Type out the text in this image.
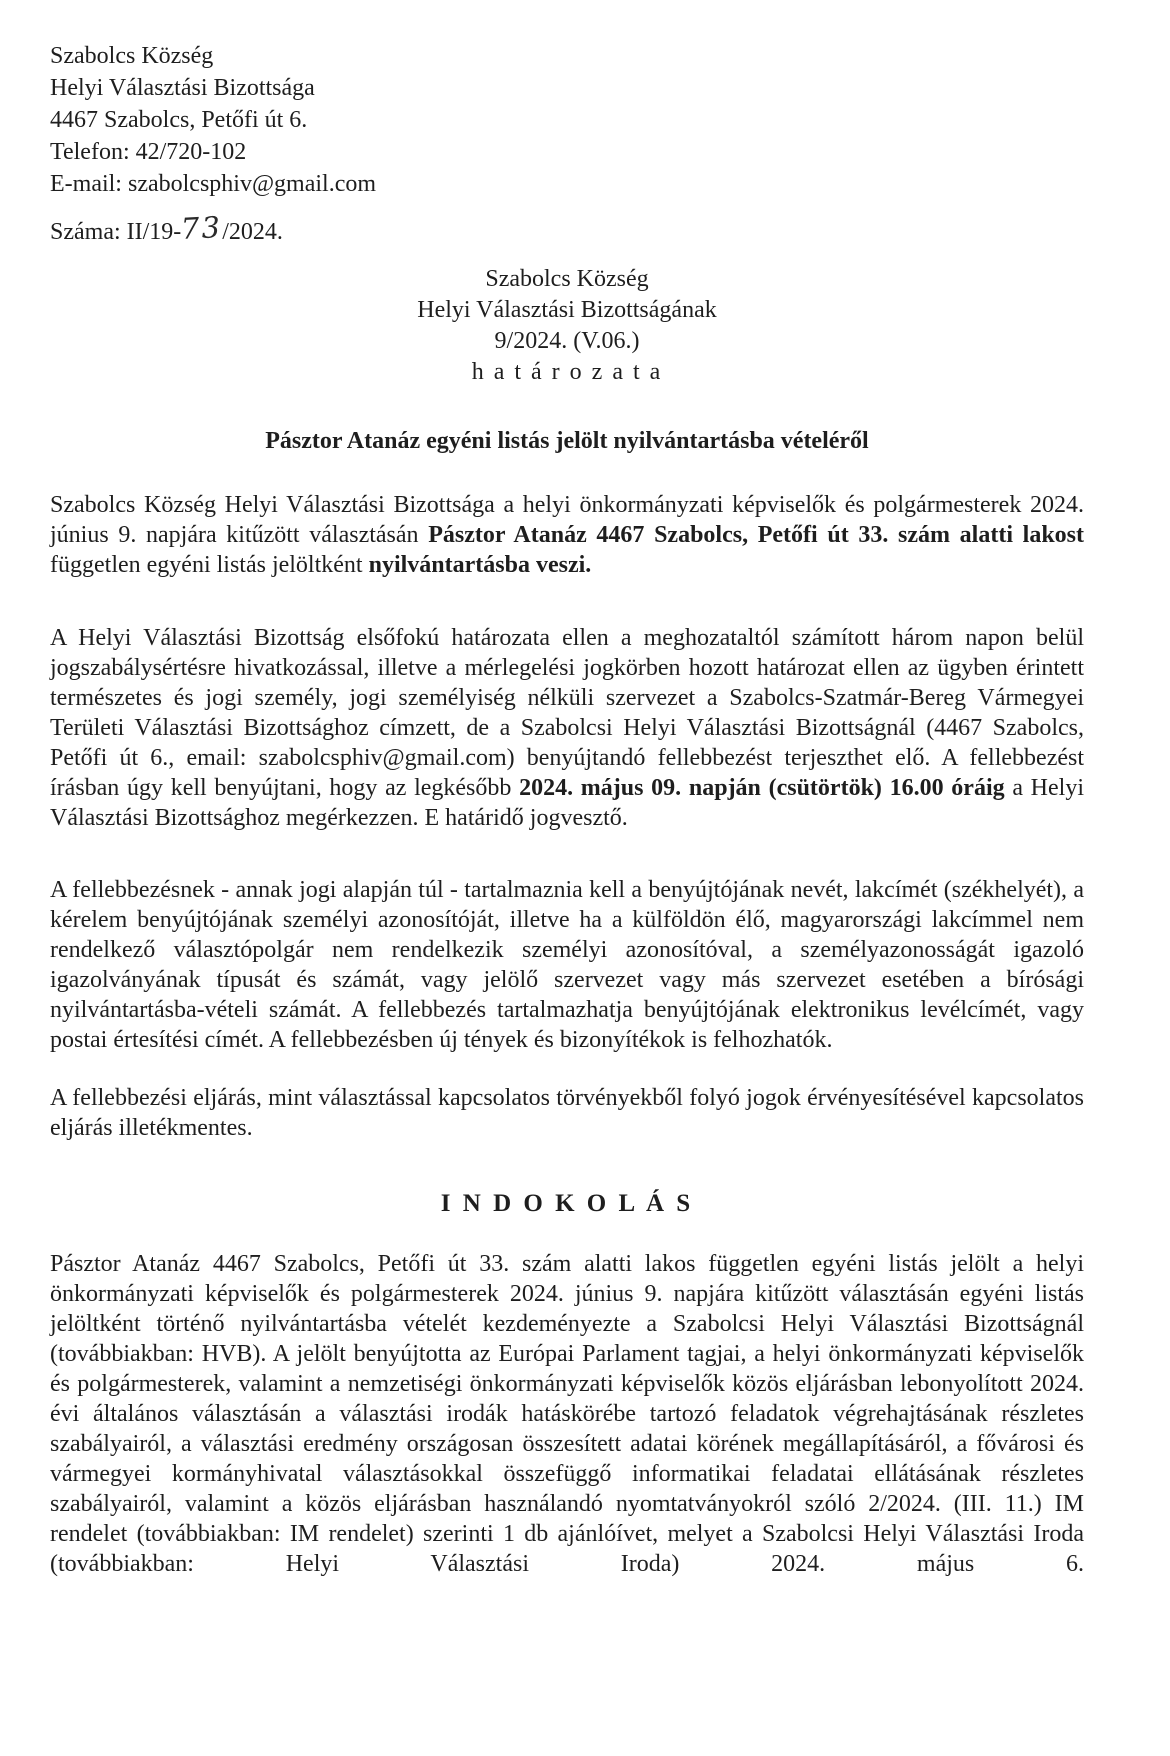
Szabolcs Község
Helyi Választási Bizottsága
4467 Szabolcs, Petőfi út 6.
Telefon: 42/720-102
E-mail: szabolcsphiv@gmail.com
Száma: II/19-73/2024.
Szabolcs Község
Helyi Választási Bizottságának
9/2024. (V.06.)
h a t á r o z a t a
Pásztor Atanáz egyéni listás jelölt nyilvántartásba vételéről

Szabolcs Község Helyi Választási Bizottsága a helyi önkormányzati képviselők és polgármesterek 2024. június 9. napjára kitűzött választásán Pásztor Atanáz 4467 Szabolcs, Petőfi út 33. szám alatti lakost független egyéni listás jelöltként nyilvántartásba veszi.

A Helyi Választási Bizottság elsőfokú határozata ellen a meghozataltól számított három napon belül jogszabálysértésre hivatkozással, illetve a mérlegelési jogkörben hozott határozat ellen az ügyben érintett természetes és jogi személy, jogi személyiség nélküli szervezet a Szabolcs-Szatmár-Bereg Vármegyei Területi Választási Bizottsághoz címzett, de a Szabolcsi Helyi Választási Bizottságnál (4467 Szabolcs, Petőfi út 6., email: szabolcsphiv@gmail.com) benyújtandó fellebbezést terjeszthet elő. A fellebbezést írásban úgy kell benyújtani, hogy az legkésőbb 2024. május 09. napján (csütörtök) 16.00 óráig a Helyi Választási Bizottsághoz megérkezzen. E határidő jogvesztő.

A fellebbezésnek - annak jogi alapján túl - tartalmaznia kell a benyújtójának nevét, lakcímét (székhelyét), a kérelem benyújtójának személyi azonosítóját, illetve ha a külföldön élő, magyarországi lakcímmel nem rendelkező választópolgár nem rendelkezik személyi azonosítóval, a személyazonosságát igazoló igazolványának típusát és számát, vagy jelölő szervezet vagy más szervezet esetében a bírósági nyilvántartásba-vételi számát. A fellebbezés tartalmazhatja benyújtójának elektronikus levélcímét, vagy postai értesítési címét. A fellebbezésben új tények és bizonyítékok is felhozhatók.

A fellebbezési eljárás, mint választással kapcsolatos törvényekből folyó jogok érvényesítésével kapcsolatos eljárás illetékmentes.

I N D O K O L Á S

Pásztor Atanáz 4467 Szabolcs, Petőfi út 33. szám alatti lakos független egyéni listás jelölt a helyi önkormányzati képviselők és polgármesterek 2024. június 9. napjára kitűzött választásán egyéni listás jelöltként történő nyilvántartásba vételét kezdeményezte a Szabolcsi Helyi Választási Bizottságnál (továbbiakban: HVB). A jelölt benyújtotta az Európai Parlament tagjai, a helyi önkormányzati képviselők és polgármesterek, valamint a nemzetiségi önkormányzati képviselők közös eljárásban lebonyolított 2024. évi általános választásán a választási irodák hatáskörébe tartozó feladatok végrehajtásának részletes szabályairól, a választási eredmény országosan összesített adatai körének megállapításáról, a fővárosi és vármegyei kormányhivatal választásokkal összefüggő informatikai feladatai ellátásának részletes szabályairól, valamint a közös eljárásban használandó nyomtatványokról szóló 2/2024. (III. 11.) IM rendelet (továbbiakban: IM rendelet) szerinti 1 db ajánlóívet, melyet a Szabolcsi Helyi Választási Iroda (továbbiakban: Helyi Választási Iroda) 2024. május 6.
